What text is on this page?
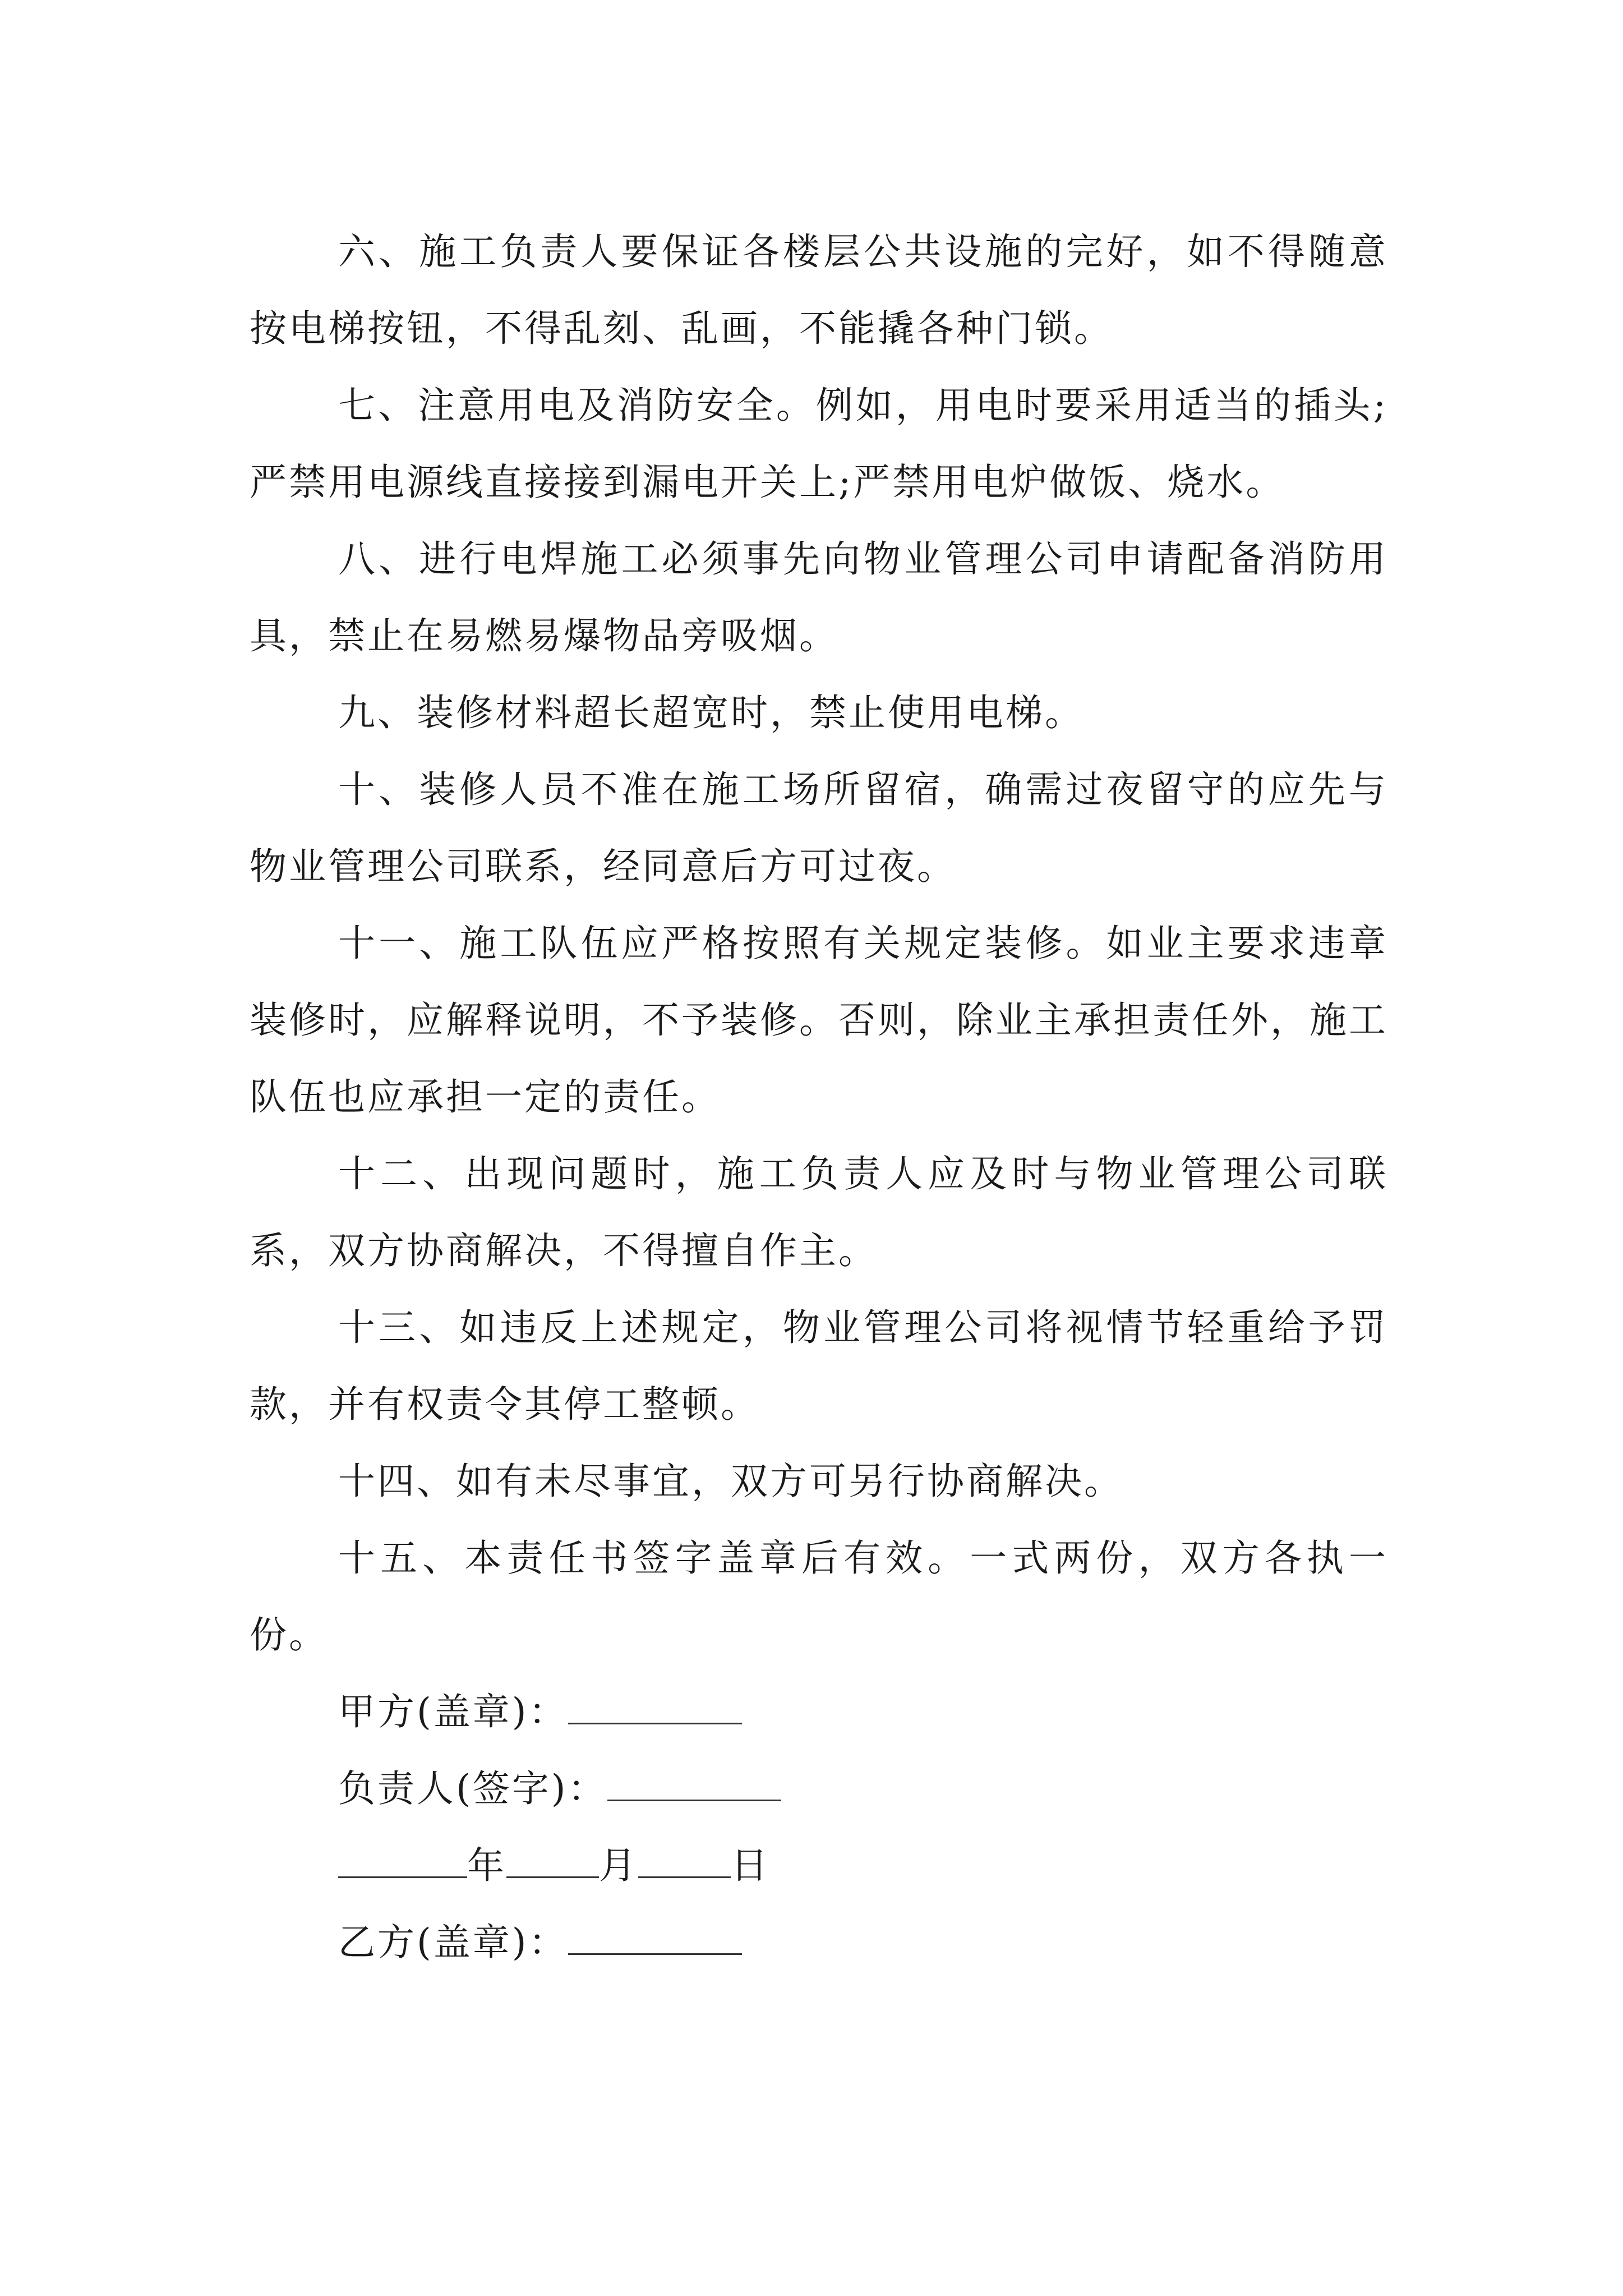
六、施工负责人要保证各楼层公共设施的完好，如不得随意按电梯按钮，不得乱刻、乱画，不能撬各种门锁。

七、注意用电及消防安全。例如，用电时要采用适当的插头;严禁用电源线直接接到漏电开关上;严禁用电炉做饭、烧水。

八、进行电焊施工必须事先向物业管理公司申请配备消防用具，禁止在易燃易爆物品旁吸烟。

九、装修材料超长超宽时，禁止使用电梯。

十、装修人员不准在施工场所留宿，确需过夜留守的应先与物业管理公司联系，经同意后方可过夜。

十一、施工队伍应严格按照有关规定装修。如业主要求违章装修时，应解释说明，不予装修。否则，除业主承担责任外，施工队伍也应承担一定的责任。

十二、出现问题时，施工负责人应及时与物业管理公司联系，双方协商解决，不得擅自作主。

十三、如违反上述规定，物业管理公司将视情节轻重给予罚款，并有权责令其停工整顿。

十四、如有未尽事宜，双方可另行协商解决。

十五、本责任书签字盖章后有效。一式两份，双方各执一份。

甲方(盖章)：
负责人(签字)：
年	月	日
乙方(盖章)：
